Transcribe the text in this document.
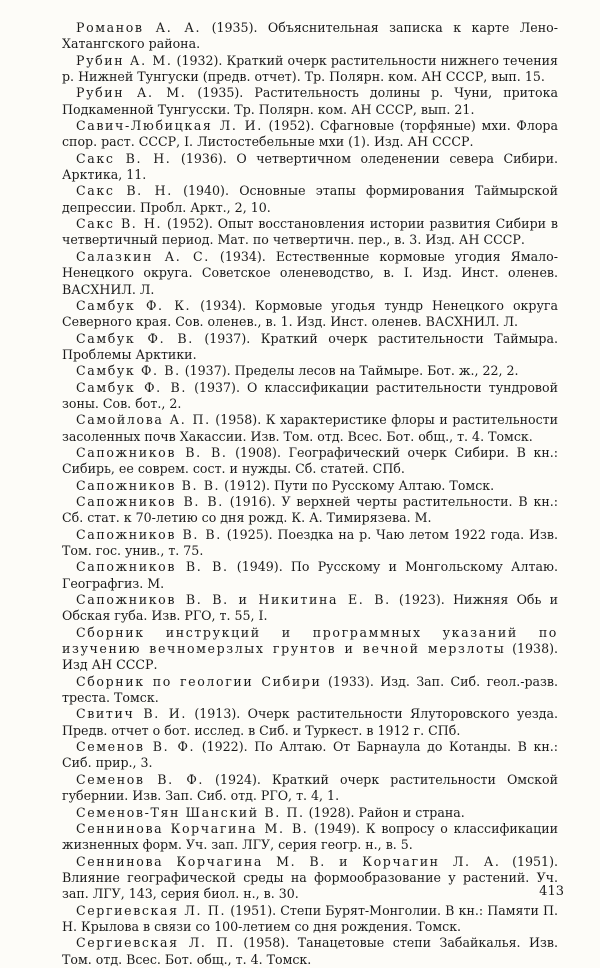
Романов А. А. (1935). Объяснительная записка к карте Лено-Хатангского района.

Рубин А. М. (1932). Краткий очерк растительности нижнего течения р. Нижней Тунгуски (предв. отчет). Тр. Полярн. ком. АН СССР, вып. 15.

Рубин А. М. (1935). Растительность долины р. Чуни, притока Подкаменной Тунгусски. Тр. Полярн. ком. АН СССР, вып. 21.

Савич-Любицкая Л. И. (1952). Сфагновые (торфяные) мхи. Флора спор. раст. СССР, I. Листостебельные мхи (1). Изд. АН СССР.

Сакс В. Н. (1936). О четвертичном оледенении севера Сибири. Арктика, 11.

Сакс В. Н. (1940). Основные этапы формирования Таймырской депрессии. Пробл. Аркт., 2, 10.

Сакс В. Н. (1952). Опыт восстановления истории развития Сибири в четвертичный период. Мат. по четвертичн. пер., в. 3. Изд. АН СССР.

Салазкин А. С. (1934). Естественные кормовые угодия Ямало-Ненецкого округа. Советское оленеводство, в. I. Изд. Инст. оленев. ВАСХНИЛ. Л.

Самбук Ф. К. (1934). Кормовые угодья тундр Ненецкого округа Северного края. Сов. оленев., в. 1. Изд. Инст. оленев. ВАСХНИЛ. Л.

Самбук Ф. В. (1937). Краткий очерк растительности Таймыра. Проблемы Арктики.

Самбук Ф. В. (1937). Пределы лесов на Таймыре. Бот. ж., 22, 2.

Самбук Ф. В. (1937). О классификации растительности тундровой зоны. Сов. бот., 2.

Самойлова А. П. (1958). К характеристике флоры и растительности засоленных почв Хакассии. Изв. Том. отд. Всес. Бот. общ., т. 4. Томск.

Сапожников В. В. (1908). Географический очерк Сибири. В кн.: Сибирь, ее соврем. сост. и нужды. Сб. статей. СПб.

Сапожников В. В. (1912). Пути по Русскому Алтаю. Томск.

Сапожников В. В. (1916). У верхней черты растительности. В кн.: Сб. стат. к 70-летию со дня рожд. К. А. Тимирязева. М.

Сапожников В. В. (1925). Поездка на р. Чаю летом 1922 года. Изв. Том. гос. унив., т. 75.

Сапожников В. В. (1949). По Русскому и Монгольскому Алтаю. Географгиз. М.

Сапожников В. В. и Никитина Е. В. (1923). Нижняя Обь и Обская губа. Изв. РГО, т. 55, I.

Сборник инструкций и программных указаний по изучению вечномерзлых грунтов и вечной мерзлоты (1938). Изд АН СССР.

Сборник по геологии Сибири (1933). Изд. Зап. Сиб. геол.-разв. треста. Томск.

Свитич В. И. (1913). Очерк растительности Ялуторовского уезда. Предв. отчет о бот. исслед. в Сиб. и Туркест. в 1912 г. СПб.

Семенов В. Ф. (1922). По Алтаю. От Барнаула до Котанды. В кн.: Сиб. прир., 3.

Семенов В. Ф. (1924). Краткий очерк растительности Омской губернии. Изв. Зап. Сиб. отд. РГО, т. 4, 1.

Семенов-Тян Шанский В. П. (1928). Район и страна.

Сеннинова Корчагина М. В. (1949). К вопросу о классификации жизненных форм. Уч. зап. ЛГУ, серия геогр. н., в. 5.

Сеннинова Корчагина М. В. и Корчагин Л. А. (1951). Влияние географической среды на формообразование у растений. Уч. зап. ЛГУ, 143, серия биол. н., в. 30.

Сергиевская Л. П. (1951). Степи Бурят-Монголии. В кн.: Памяти П. Н. Крылова в связи со 100-летием со дня рождения. Томск.

Сергиевская Л. П. (1958). Танацетовые степи Забайкалья. Изв. Том. отд. Всес. Бот. общ., т. 4. Томск.

413
